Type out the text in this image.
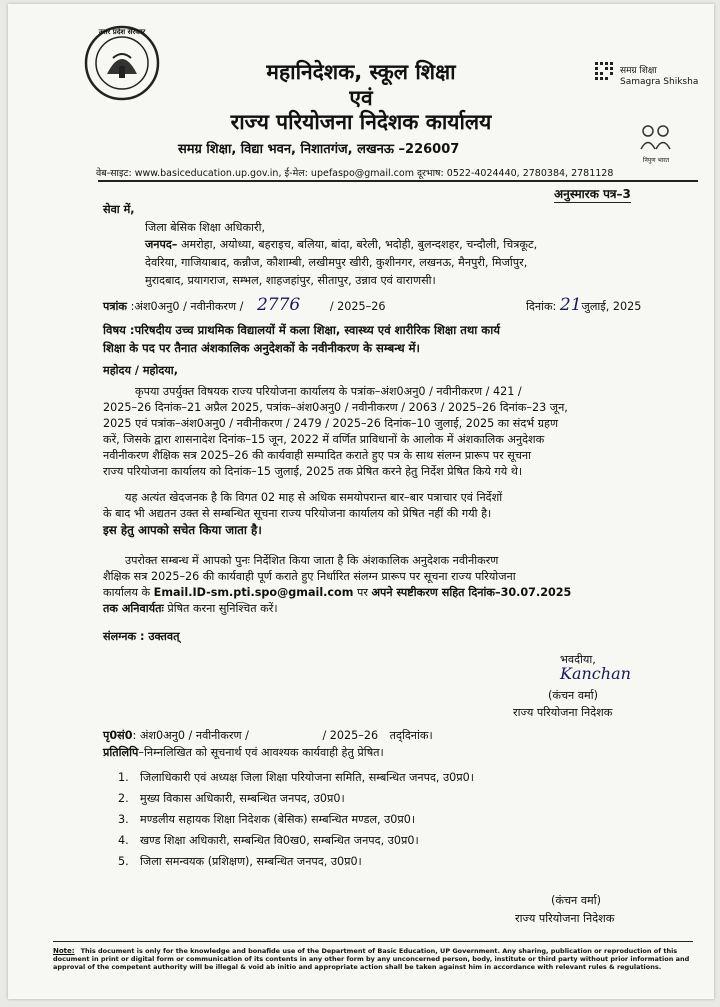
उत्तर प्रदेश सरकार
महानिदेशक, स्कूल शिक्षा
एवं
राज्य परियोजना निदेशक कार्यालय
समग्र शिक्षा, विद्या भवन, निशातगंज, लखनऊ –226007
समग्र शिक्षा
Samagra Shiksha
निपुण भारत
वेब-साइट: www.basiceducation.up.gov.in, ई-मेल: upefaspo@gmail.com दूरभाष: 0522-4024440, 2780384, 2781128
अनुस्मारक पत्र–3
सेवा में,
जिला बेसिक शिक्षा अधिकारी,
जनपद– अमरोहा, अयोध्या, बहराइच, बलिया, बांदा, बरेली, भदोही, बुलन्दशहर, चन्दौली, चित्रकूट,
देवरिया, गाजियाबाद, कन्नौज, कौशाम्बी, लखीमपुर खीरी, कुशीनगर, लखनऊ, मैनपुरी, मिर्जापुर,
मुरादबाद, प्रयागराज, सम्भल, शाहजहांपुर, सीतापुर, उन्नाव एवं वाराणसी।
पत्रांक :अंश0अनु0 / नवीनीकरण / 2776	/ 2025–26	दिनांक: 21जुलाई, 2025
विषय :परिषदीय उच्च प्राथमिक विद्यालयों में कला शिक्षा, स्वास्थ्य एवं शारीरिक शिक्षा तथा कार्य
शिक्षा के पद पर तैनात अंशकालिक अनुदेशकों के नवीनीकरण के सम्बन्ध में।
महोदय / महोदया,
कृपया उपर्युक्त विषयक राज्य परियोजना कार्यालय के पत्रांक–अंश0अनु0 / नवीनीकरण / 421 /
2025–26 दिनांक–21 अप्रैल 2025, पत्रांक–अंश0अनु0 / नवीनीकरण / 2063 / 2025–26 दिनांक–23 जून,
2025 एवं पत्रांक–अंश0अनु0 / नवीनीकरण / 2479 / 2025–26 दिनांक–10 जुलाई, 2025 का संदर्भ ग्रहण
करें, जिसके द्वारा शासनादेश दिनांक–15 जून, 2022 में वर्णित प्राविधानों के आलोक में अंशकालिक अनुदेशक
नवीनीकरण शैक्षिक सत्र 2025–26 की कार्यवाही सम्पादित कराते हुए पत्र के साथ संलग्न प्रारूप पर सूचना
राज्य परियोजना कार्यालय को दिनांक–15 जुलाई, 2025 तक प्रेषित करने हेतु निर्देश प्रेषित किये गये थे।
यह अत्यंत खेदजनक है कि विगत 02 माह से अधिक समयोपरान्त बार–बार पत्राचार एवं निर्देशों
के बाद भी अद्यतन उक्त से सम्बन्धित सूचना राज्य परियोजना कार्यालय को प्रेषित नहीं की गयी है।
इस हेतु आपको सचेत किया जाता है।
उपरोक्त सम्बन्ध में आपको पुनः निर्देशित किया जाता है कि अंशकालिक अनुदेशक नवीनीकरण
शैक्षिक सत्र 2025–26 की कार्यवाही पूर्ण कराते हुए निर्धारित संलग्न प्रारूप पर सूचना राज्य परियोजना
कार्यालय के Email.ID-sm.pti.spo@gmail.com पर अपने स्पष्टीकरण सहित दिनांक–30.07.2025
तक अनिवार्यतः प्रेषित करना सुनिश्चित करें।
संलग्नक : उक्तवत्
भवदीया,
Kanchan
(कंचन वर्मा)
राज्य परियोजना निदेशक
पृ0सं0: अंश0अनु0 / नवीनीकरण /	/ 2025–26 तद्‌दिनांक।
प्रतिलिपि–निम्नलिखित को सूचनार्थ एवं आवश्यक कार्यवाही हेतु प्रेषित।
1. जिलाधिकारी एवं अध्यक्ष जिला शिक्षा परियोजना समिति, सम्बन्धित जनपद, उ0प्र0।
2. मुख्य विकास अधिकारी, सम्बन्धित जनपद, उ0प्र0।
3. मण्डलीय सहायक शिक्षा निदेशक (बेसिक) सम्बन्धित मण्डल, उ0प्र0।
4. खण्ड शिक्षा अधिकारी, सम्बन्धित वि0ख0, सम्बन्धित जनपद, उ0प्र0।
5. जिला समन्वयक (प्रशिक्षण), सम्बन्धित जनपद, उ0प्र0।
(कंचन वर्मा)
राज्य परियोजना निदेशक
Note: This document is only for the knowledge and bonafide use of the Department of Basic Education, UP Government. Any sharing, publication or reproduction of this document in print or digital form or communication of its contents in any other form by any unconcerned person, body, institute or third party without prior information and approval of the competent authority will be illegal & void ab initio and appropriate action shall be taken against him in accordance with relevant rules & regulations.
